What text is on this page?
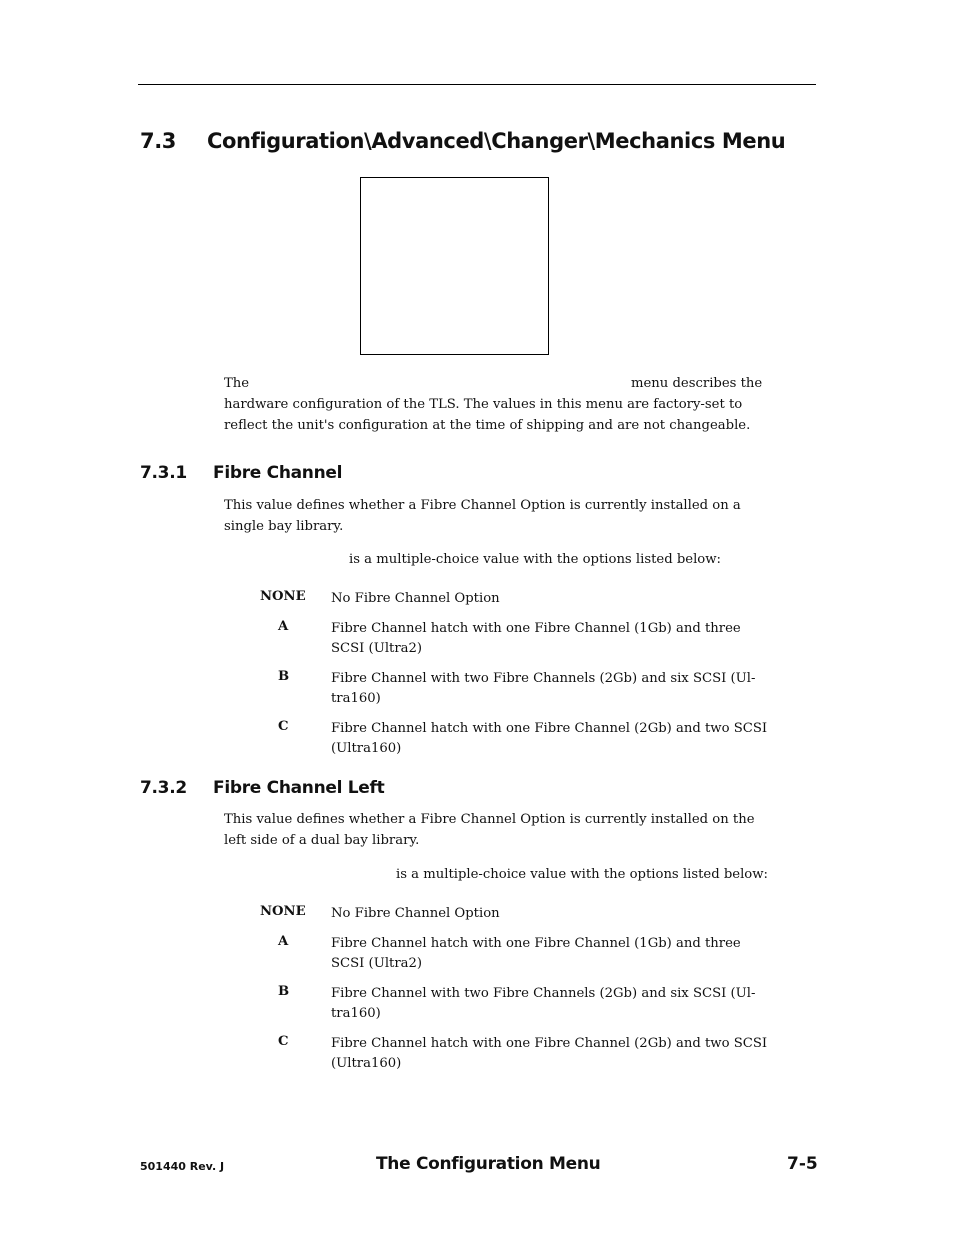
7.3 Configuration\Advanced\Changer\Mechanics Menu
The	menu describes the
hardware configuration of the TLS. The values in this menu are factory-set to reflect the unit's configuration at the time of shipping and are not changeable.
7.3.1 Fibre Channel
This value defines whether a Fibre Channel Option is currently installed on a single bay library.
is a multiple-choice value with the options listed below:
NONE No Fibre Channel Option
A	Fibre Channel hatch with one Fibre Channel (1Gb) and three SCSI (Ultra2)
B	Fibre Channel with two Fibre Channels (2Gb) and six SCSI (Ul-tra160)
C	Fibre Channel hatch with one Fibre Channel (2Gb) and two SCSI (Ultra160)
7.3.2 Fibre Channel Left
This value defines whether a Fibre Channel Option is currently installed on the left side of a dual bay library.
is a multiple-choice value with the options listed below:
NONE No Fibre Channel Option
A	Fibre Channel hatch with one Fibre Channel (1Gb) and three SCSI (Ultra2)
B	Fibre Channel with two Fibre Channels (2Gb) and six SCSI (Ul-tra160)
C	Fibre Channel hatch with one Fibre Channel (2Gb) and two SCSI (Ultra160)
501440 Rev. J	The Configuration Menu	7-5
